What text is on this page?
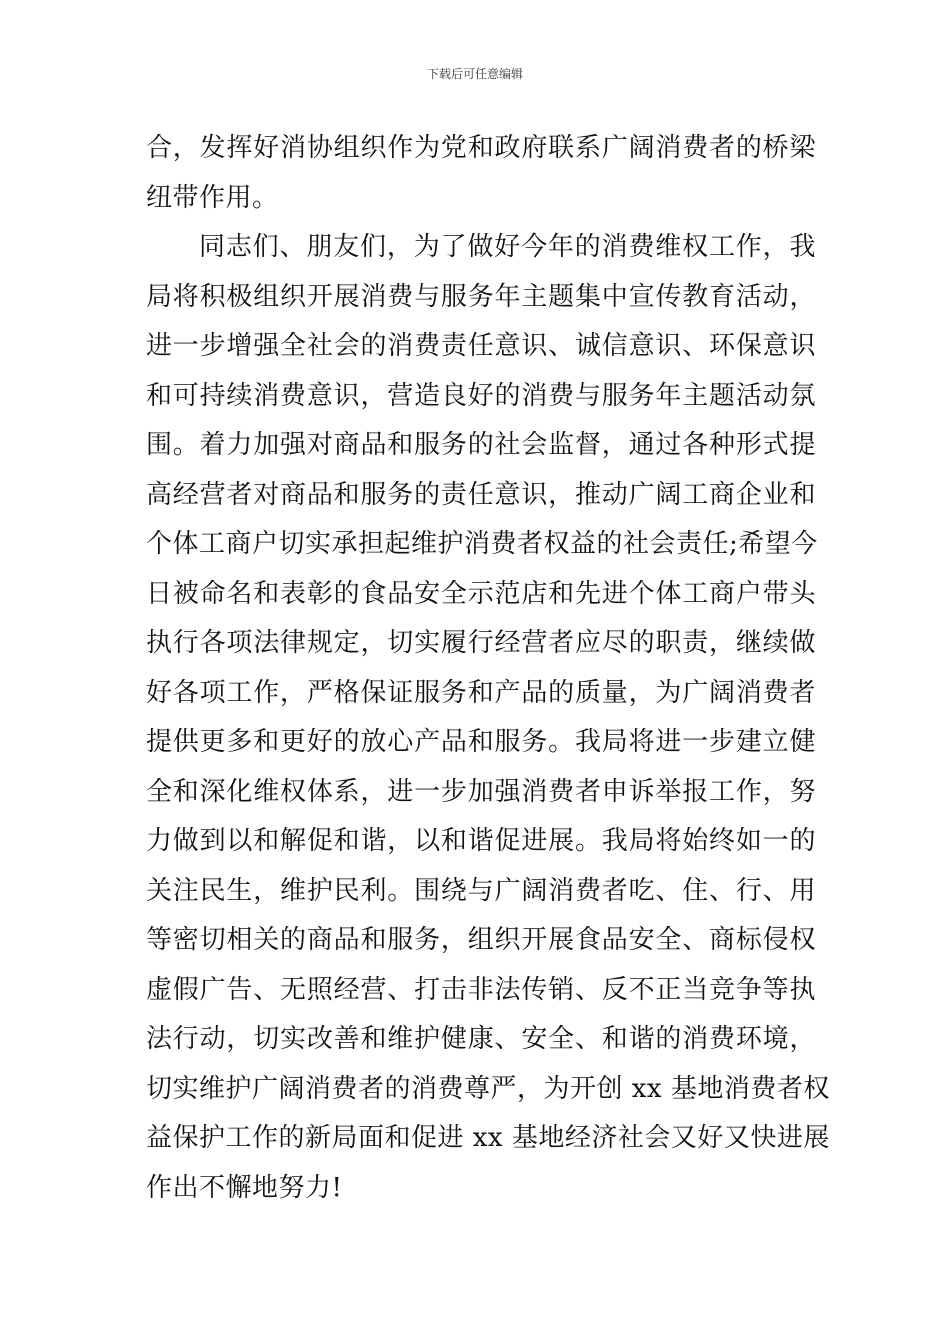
下载后可任意编辑
合，发挥好消协组织作为党和政府联系广阔消费者的桥梁
纽带作用。
同志们、朋友们，为了做好今年的消费维权工作，我
局将积极组织开展消费与服务年主题集中宣传教育活动，
进一步增强全社会的消费责任意识、诚信意识、环保意识
和可持续消费意识，营造良好的消费与服务年主题活动氛
围。着力加强对商品和服务的社会监督，通过各种形式提
高经营者对商品和服务的责任意识，推动广阔工商企业和
个体工商户切实承担起维护消费者权益的社会责任;希望今
日被命名和表彰的食品安全示范店和先进个体工商户带头
执行各项法律规定，切实履行经营者应尽的职责，继续做
好各项工作，严格保证服务和产品的质量，为广阔消费者
提供更多和更好的放心产品和服务。我局将进一步建立健
全和深化维权体系，进一步加强消费者申诉举报工作，努
力做到以和解促和谐，以和谐促进展。我局将始终如一的
关注民生，维护民利。围绕与广阔消费者吃、住、行、用
等密切相关的商品和服务，组织开展食品安全、商标侵权
虚假广告、无照经营、打击非法传销、反不正当竞争等执
法行动，切实改善和维护健康、安全、和谐的消费环境，
切实维护广阔消费者的消费尊严，为开创 xx 基地消费者权
益保护工作的新局面和促进 xx 基地经济社会又好又快进展
作出不懈地努力!
